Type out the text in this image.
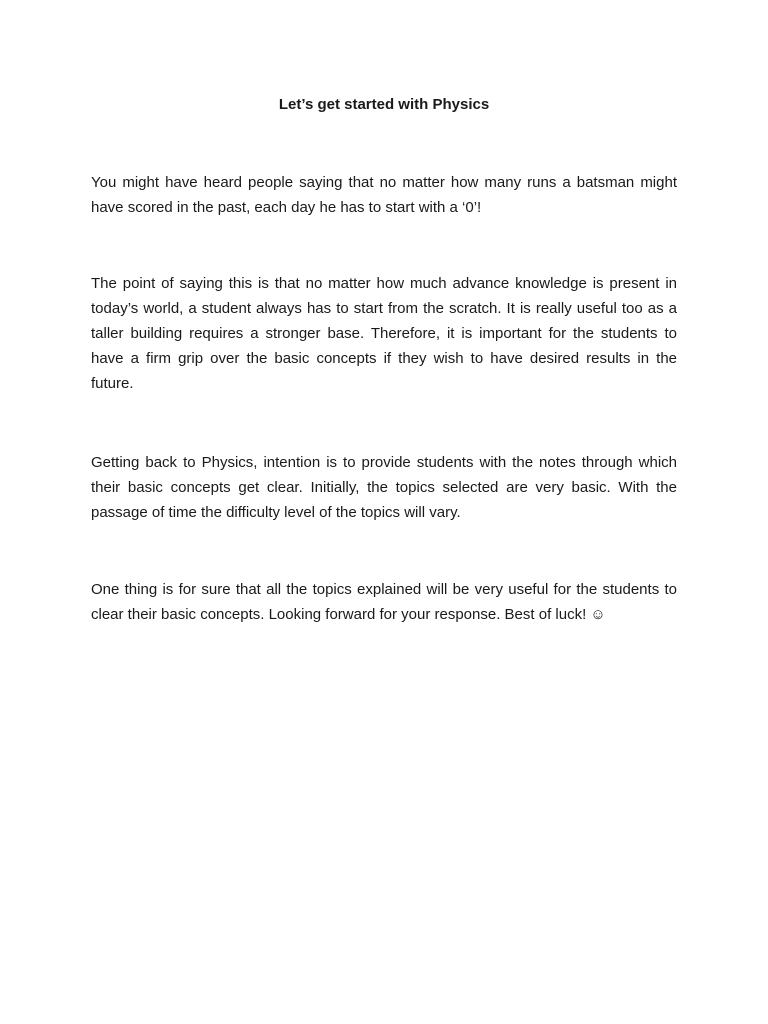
Let’s get started with Physics

You might have heard people saying that no matter how many runs a batsman might have scored in the past, each day he has to start with a ‘0’!

The point of saying this is that no matter how much advance knowledge is present in today’s world, a student always has to start from the scratch. It is really useful too as a taller building requires a stronger base. Therefore, it is important for the students to have a firm grip over the basic concepts if they wish to have desired results in the future.

Getting back to Physics, intention is to provide students with the notes through which their basic concepts get clear. Initially, the topics selected are very basic. With the passage of time the difficulty level of the topics will vary.

One thing is for sure that all the topics explained will be very useful for the students to clear their basic concepts. Looking forward for your response. Best of luck! ☺
